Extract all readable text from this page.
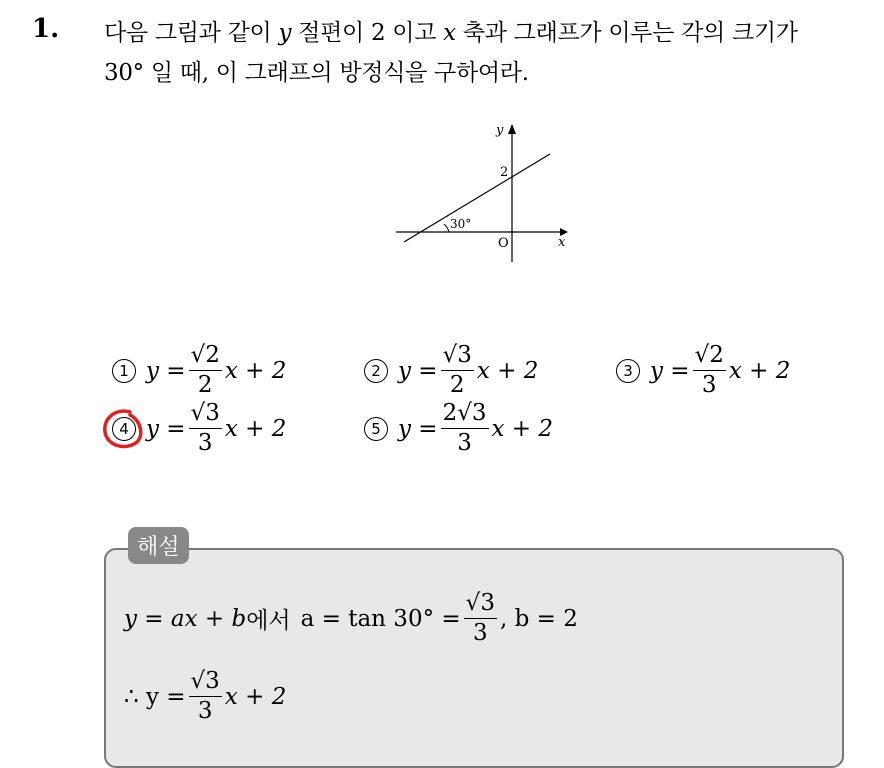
1. 다음 그림과 같이 y 절편이 2 이고 x 축과 그래프가 이루는 각의 크기가
30° 일 때, 이 그래프의 방정식을 구하여라.
y
x
2
O
30°
1 $y = \frac{√2}{2}$ x + 2	2 $y = \frac{√3}{2}$ x + 2	3 $y = \frac{√2}{3}$ x + 2
4 $y = \frac{√3}{3}$ x + 2	5 $y = \frac{2√3}{3}$ x + 2
해설
y = ax + b 에서 $a = \tan 30^\circ = \frac{√3}{3}$ , b = 2
∴ $y = \frac{√3}{3}$ x + 2
